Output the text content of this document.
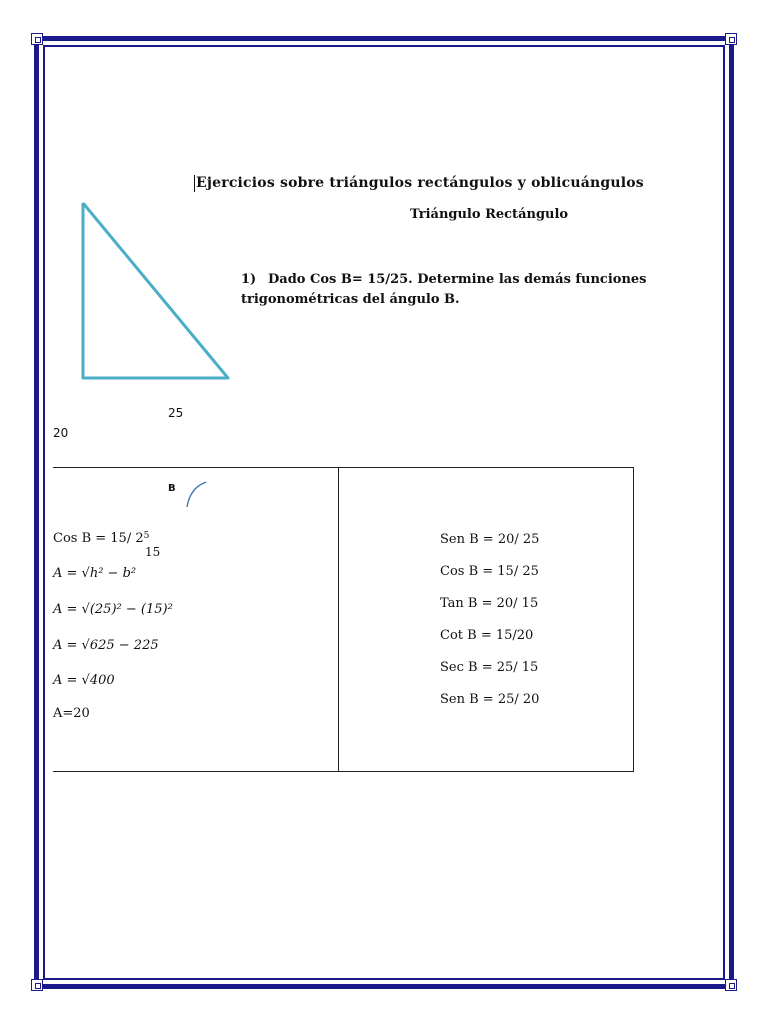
Ejercicios sobre triángulos rectángulos y oblicuángulos
Triángulo Rectángulo
1) Dado Cos B= 15/25. Determine las demás funciones
trigonométricas del ángulo B.
25
20
B
Cos B = 15/ $2^5$
15
A = √h² − b²
A = √(25)² − (15)²
A = √625 − 225
A = √400
A=20
Sen B = 20/ 25
Cos B = 15/ 25
Tan B = 20/ 15
Cot B = 15/20
Sec B = 25/ 15
Sen B = 25/ 20
